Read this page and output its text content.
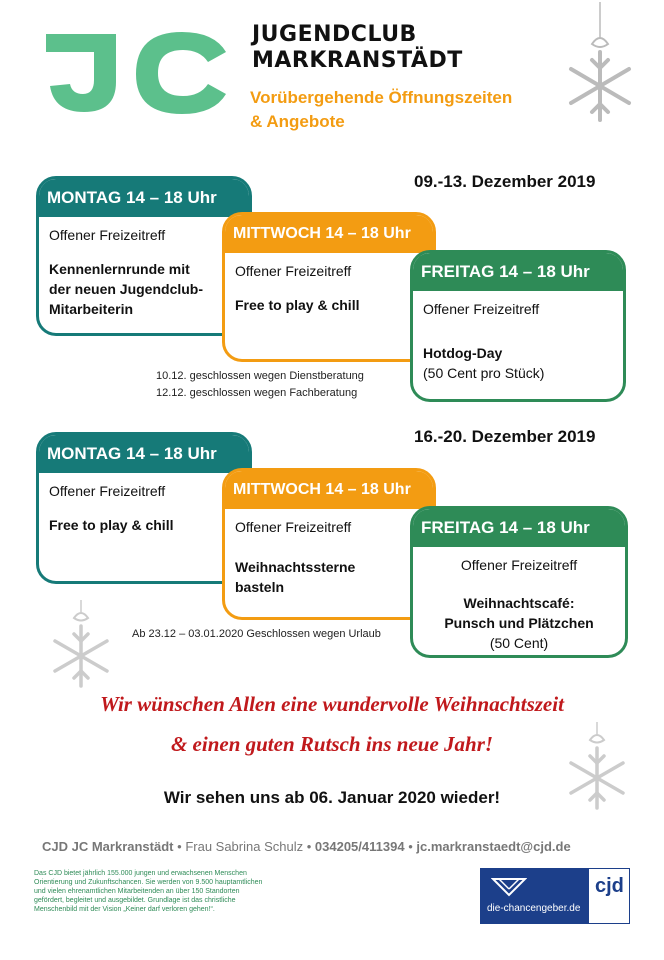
JUGENDCLUB
MARKRANSTÄDT
Vorübergehende Öffnungszeiten
& Angebote
09.-13. Dezember 2019
MONTAG 14 – 18 Uhr
Offener Freizeitreff
Kennenlernrunde mit der neuen Jugendclub-Mitarbeiterin
MITTWOCH 14 – 18 Uhr
Offener Freizeitreff
Free to play & chill
FREITAG 14 – 18 Uhr
Offener Freizeitreff
Hotdog-Day
(50 Cent pro Stück)
10.12. geschlossen wegen Dienstberatung
12.12. geschlossen wegen Fachberatung
16.-20. Dezember 2019
MONTAG 14 – 18 Uhr
Offener Freizeitreff
Free to play & chill
MITTWOCH 14 – 18 Uhr
Offener Freizeitreff
Weihnachtssterne basteln
FREITAG 14 – 18 Uhr
Offener Freizeitreff
Weihnachtscafé:
Punsch und Plätzchen
(50 Cent)
Ab 23.12 – 03.01.2020 Geschlossen wegen Urlaub
Wir wünschen Allen eine wundervolle Weihnachtszeit
& einen guten Rutsch ins neue Jahr!
Wir sehen uns ab 06. Januar 2020 wieder!
CJD JC Markranstädt • Frau Sabrina Schulz • 034205/411394 • jc.markranstaedt@cjd.de
Das CJD bietet jährlich 155.000 jungen und erwachsenen Menschen Orientierung und Zukunftschancen. Sie werden von 9.500 hauptamtlichen und vielen ehrenamtlichen Mitarbeitenden an über 150 Standorten gefördert, begleitet und ausgebildet. Grundlage ist das christliche Menschenbild mit der Vision „Keiner darf verloren gehen!“.	die-chancengeber.de
cjd
